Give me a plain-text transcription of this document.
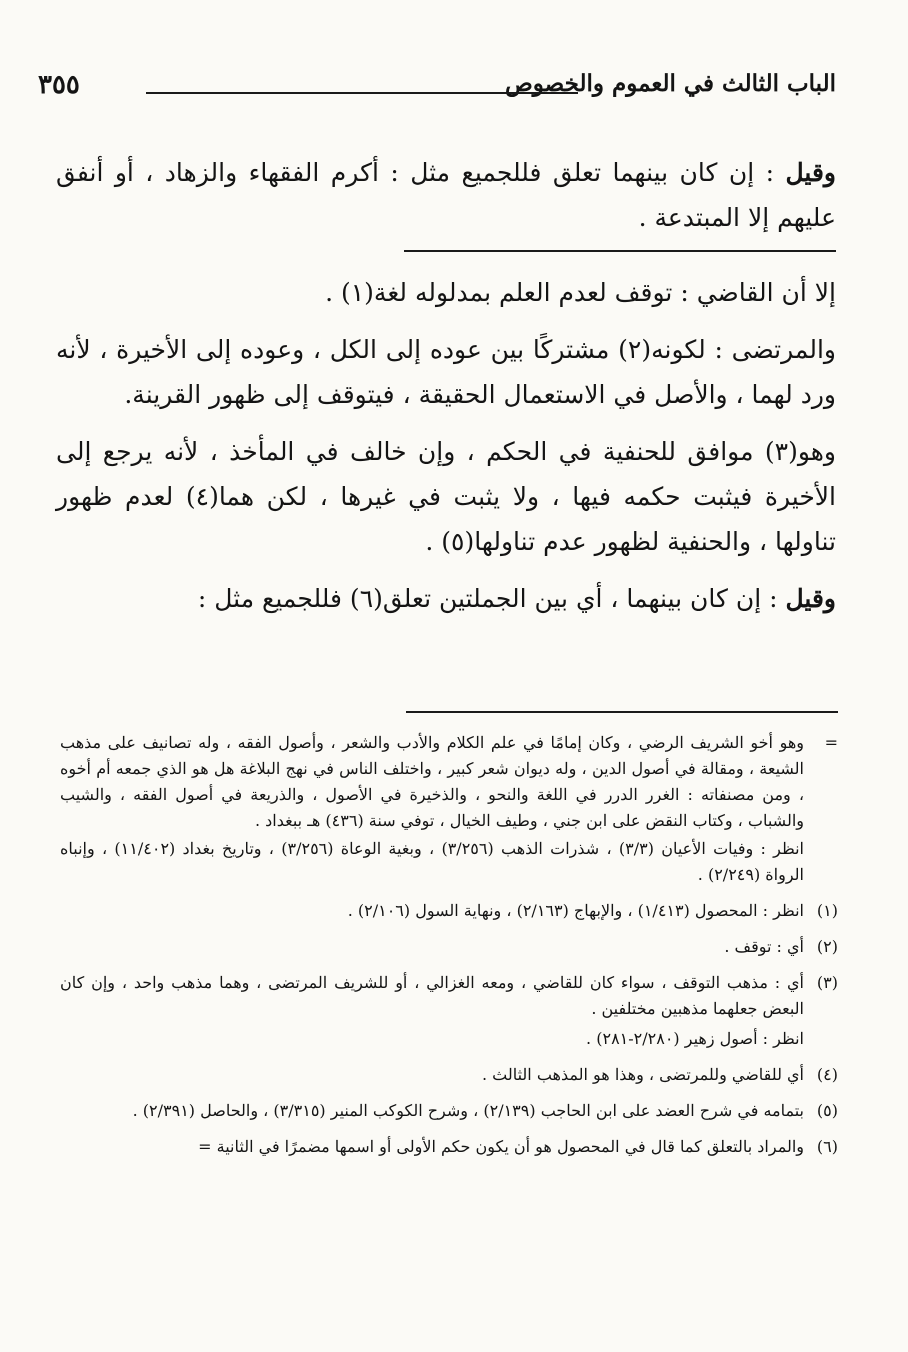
الباب الثالث في العموم والخصوص
٣٥٥

وقيل : إن كان بينهما تعلق فللجميع مثل : أكرم الفقهاء والزهاد ، أو أنفق عليهم إلا المبتدعة .

إلا أن القاضي : توقف لعدم العلم بمدلوله لغة(١) .

والمرتضى : لكونه(٢) مشتركًا بين عوده إلى الكل ، وعوده إلى الأخيرة ، لأنه ورد لهما ، والأصل في الاستعمال الحقيقة ، فيتوقف إلى ظهور القرينة.

وهو(٣) موافق للحنفية في الحكم ، وإن خالف في المأخذ ، لأنه يرجع إلى الأخيرة فيثبت حكمه فيها ، ولا يثبت في غيرها ، لكن هما(٤) لعدم ظهور تناولها ، والحنفية لظهور عدم تناولها(٥) .

وقيل : إن كان بينهما ، أي بين الجملتين تعلق(٦) فللجميع مثل :

=
وهو أخو الشريف الرضي ، وكان إمامًا في علم الكلام والأدب والشعر ، وأصول الفقه ، وله تصانيف على مذهب الشيعة ، ومقالة في أصول الدين ، وله ديوان شعر كبير ، واختلف الناس في نهج البلاغة هل هو الذي جمعه أم أخوه ، ومن مصنفاته : الغرر الدرر في اللغة والنحو ، والذخيرة في الأصول ، والذريعة في أصول الفقه ، والشيب والشباب ، وكتاب النقض على ابن جني ، وطيف الخيال ، توفي سنة (٤٣٦) هـ ببغداد .
انظر : وفيات الأعيان (٣/٣) ، شذرات الذهب (٣/٢٥٦) ، وبغية الوعاة (٣/٢٥٦) ، وتاريخ بغداد (١١/٤٠٢) ، وإنباه الرواة (٢/٢٤٩) .
(١)
انظر : المحصول (١/٤١٣) ، والإبهاج (٢/١٦٣) ، ونهاية السول (٢/١٠٦) .
(٢)
أي : توقف .
(٣)
أي : مذهب التوقف ، سواء كان للقاضي ، ومعه الغزالي ، أو للشريف المرتضى ، وهما مذهب واحد ، وإن كان البعض جعلهما مذهبين مختلفين .
انظر : أصول زهير (٢/٢٨٠-٢٨١) .
(٤)
أي للقاضي وللمرتضى ، وهذا هو المذهب الثالث .
(٥)
بتمامه في شرح العضد على ابن الحاجب (٢/١٣٩) ، وشرح الكوكب المنير (٣/٣١٥) ، والحاصل (٢/٣٩١) .
(٦)
والمراد بالتعلق كما قال في المحصول هو أن يكون حكم الأولى أو اسمها مضمرًا في الثانية =
